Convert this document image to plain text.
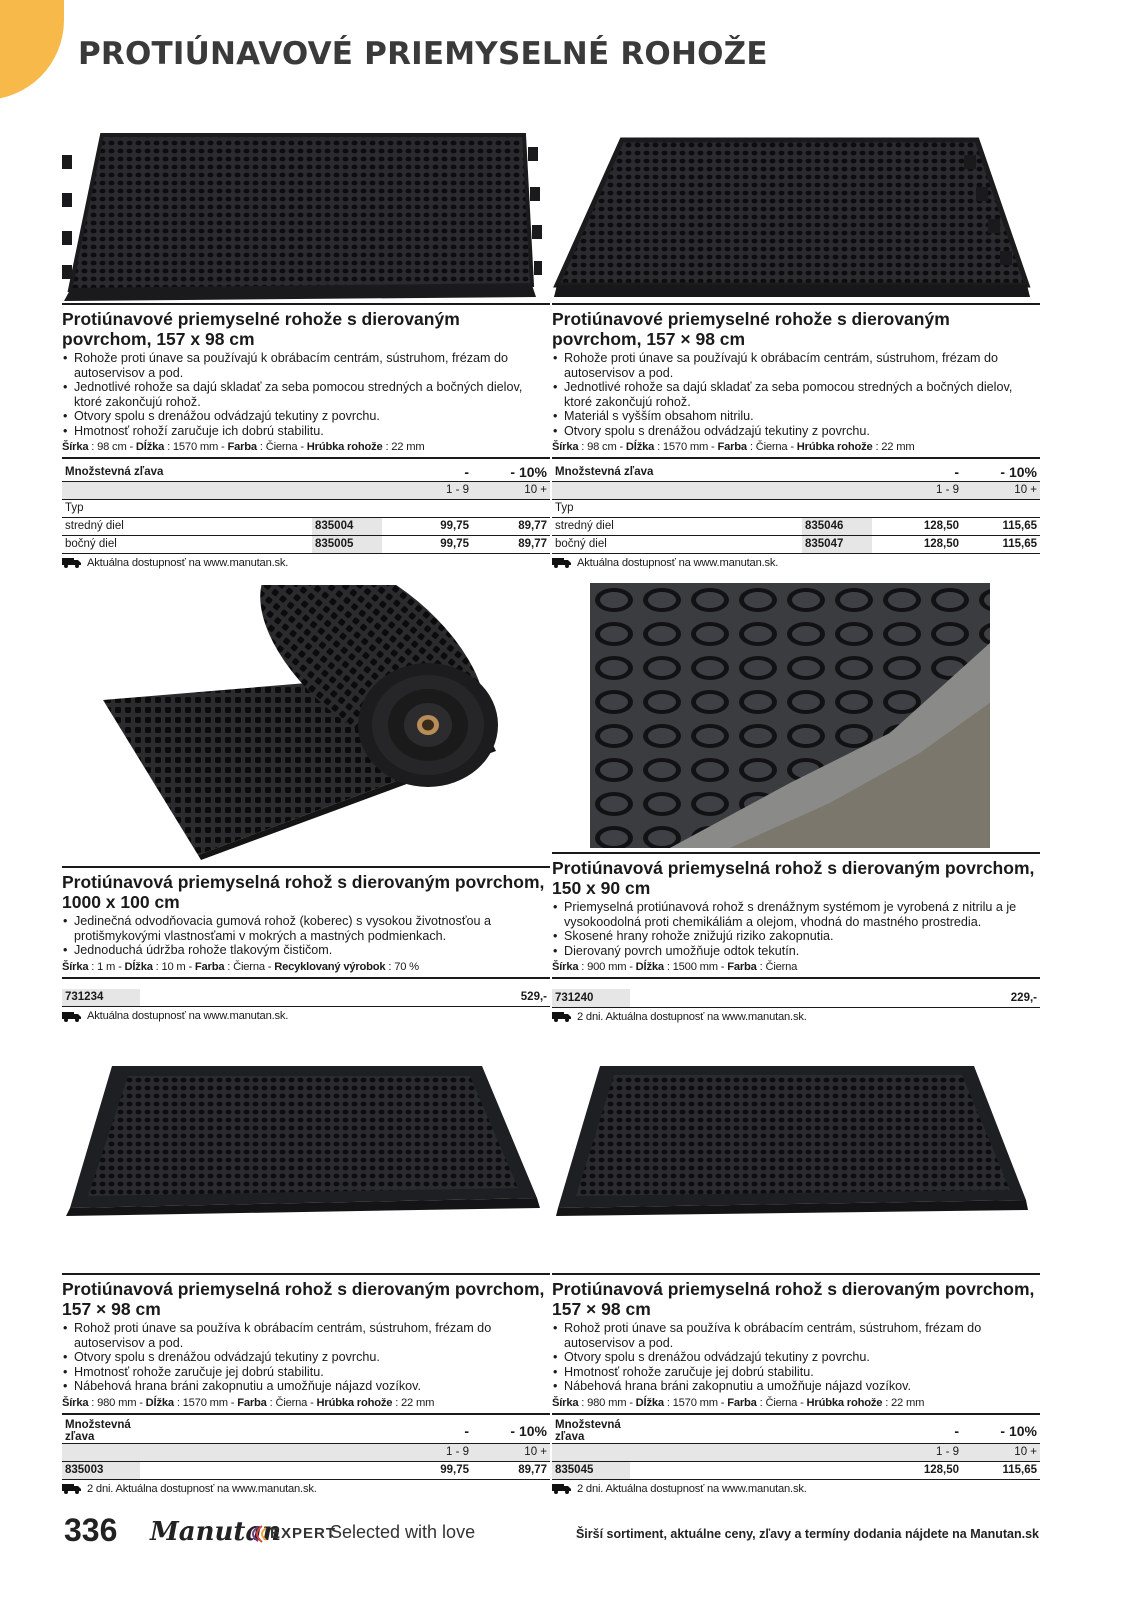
PROTIÚNAVOVÉ PRIEMYSELNÉ ROHOŽE
Protiúnavové priemyselné rohože s dierovaným povrchom, 157 x 98 cm
• Rohože proti únave sa používajú k obrábacím centrám, sústruhom, frézam do autoservisov a pod.
• Jednotlivé rohože sa dajú skladať za seba pomocou stredných a bočných dielov, ktoré zakončujú rohož.
• Otvory spolu s drenážou odvádzajú tekutiny z povrchu.
• Hmotnosť rohoží zaručuje ich dobrú stabilitu.
Šírka : 98 cm - Dĺžka : 1570 mm - Farba : Čierna - Hrúbka rohože : 22 mm
Množstevná zľava		-	- 10%
		1 - 9	10 +
Typ			
stredný diel	835004	99,75	89,77
bočný diel	835005	99,75	89,77
Aktuálna dostupnosť na www.manutan.sk.
Protiúnavové priemyselné rohože s dierovaným povrchom, 157 × 98 cm
• Rohože proti únave sa používajú k obrábacím centrám, sústruhom, frézam do autoservisov a pod.
• Jednotlivé rohože sa dajú skladať za seba pomocou stredných a bočných dielov, ktoré zakončujú rohož.
• Materiál s vyšším obsahom nitrilu.
• Otvory spolu s drenážou odvádzajú tekutiny z povrchu.
Šírka : 98 cm - Dĺžka : 1570 mm - Farba : Čierna - Hrúbka rohože : 22 mm
Množstevná zľava		-	- 10%
		1 - 9	10 +
Typ			
stredný diel	835046	128,50	115,65
bočný diel	835047	128,50	115,65
Aktuálna dostupnosť na www.manutan.sk.
Protiúnavová priemyselná rohož s dierovaným povrchom, 1000 x 100 cm
• Jedinečná odvodňovacia gumová rohož (koberec) s vysokou životnosťou a protišmykovými vlastnosťami v mokrých a mastných podmienkach.
• Jednoduchá údržba rohože tlakovým čističom.
Šírka : 1 m - Dĺžka : 10 m - Farba : Čierna - Recyklovaný výrobok : 70 %
731234		529,-
Aktuálna dostupnosť na www.manutan.sk.
Protiúnavová priemyselná rohož s dierovaným povrchom, 150 x 90 cm
• Priemyselná protiúnavová rohož s drenážnym systémom je vyrobená z nitrilu a je vysokoodolná proti chemikáliám a olejom, vhodná do mastného prostredia.
• Skosené hrany rohože znižujú riziko zakopnutia.
• Dierovaný povrch umožňuje odtok tekutín.
Šírka : 900 mm - Dĺžka : 1500 mm - Farba : Čierna
731240		229,-
2 dni. Aktuálna dostupnosť na www.manutan.sk.
Protiúnavová priemyselná rohož s dierovaným povrchom, 157 × 98 cm
• Rohož proti únave sa používa k obrábacím centrám, sústruhom, frézam do autoservisov a pod.
• Otvory spolu s drenážou odvádzajú tekutiny z povrchu.
• Hmotnosť rohože zaručuje jej dobrú stabilitu.
• Nábehová hrana bráni zakopnutiu a umožňuje nájazd vozíkov.
Šírka : 980 mm - Dĺžka : 1570 mm - Farba : Čierna - Hrúbka rohože : 22 mm
Množstevná zľava		-	- 10%
		1 - 9	10 +
835003		99,75	89,77
2 dni. Aktuálna dostupnosť na www.manutan.sk.
Protiúnavová priemyselná rohož s dierovaným povrchom, 157 × 98 cm
• Rohož proti únave sa používa k obrábacím centrám, sústruhom, frézam do autoservisov a pod.
• Otvory spolu s drenážou odvádzajú tekutiny z povrchu.
• Hmotnosť rohože zaručuje jej dobrú stabilitu.
• Nábehová hrana bráni zakopnutiu a umožňuje nájazd vozíkov.
Šírka : 980 mm - Dĺžka : 1570 mm - Farba : Čierna - Hrúbka rohože : 22 mm
Množstevná zľava		-	- 10%
		1 - 9	10 +
835045		128,50	115,65
2 dni. Aktuálna dostupnosť na www.manutan.sk.
336 Manutan
EXPERT
Selected with love	Širší sortiment, aktuálne ceny, zľavy a termíny dodania nájdete na Manutan.sk
